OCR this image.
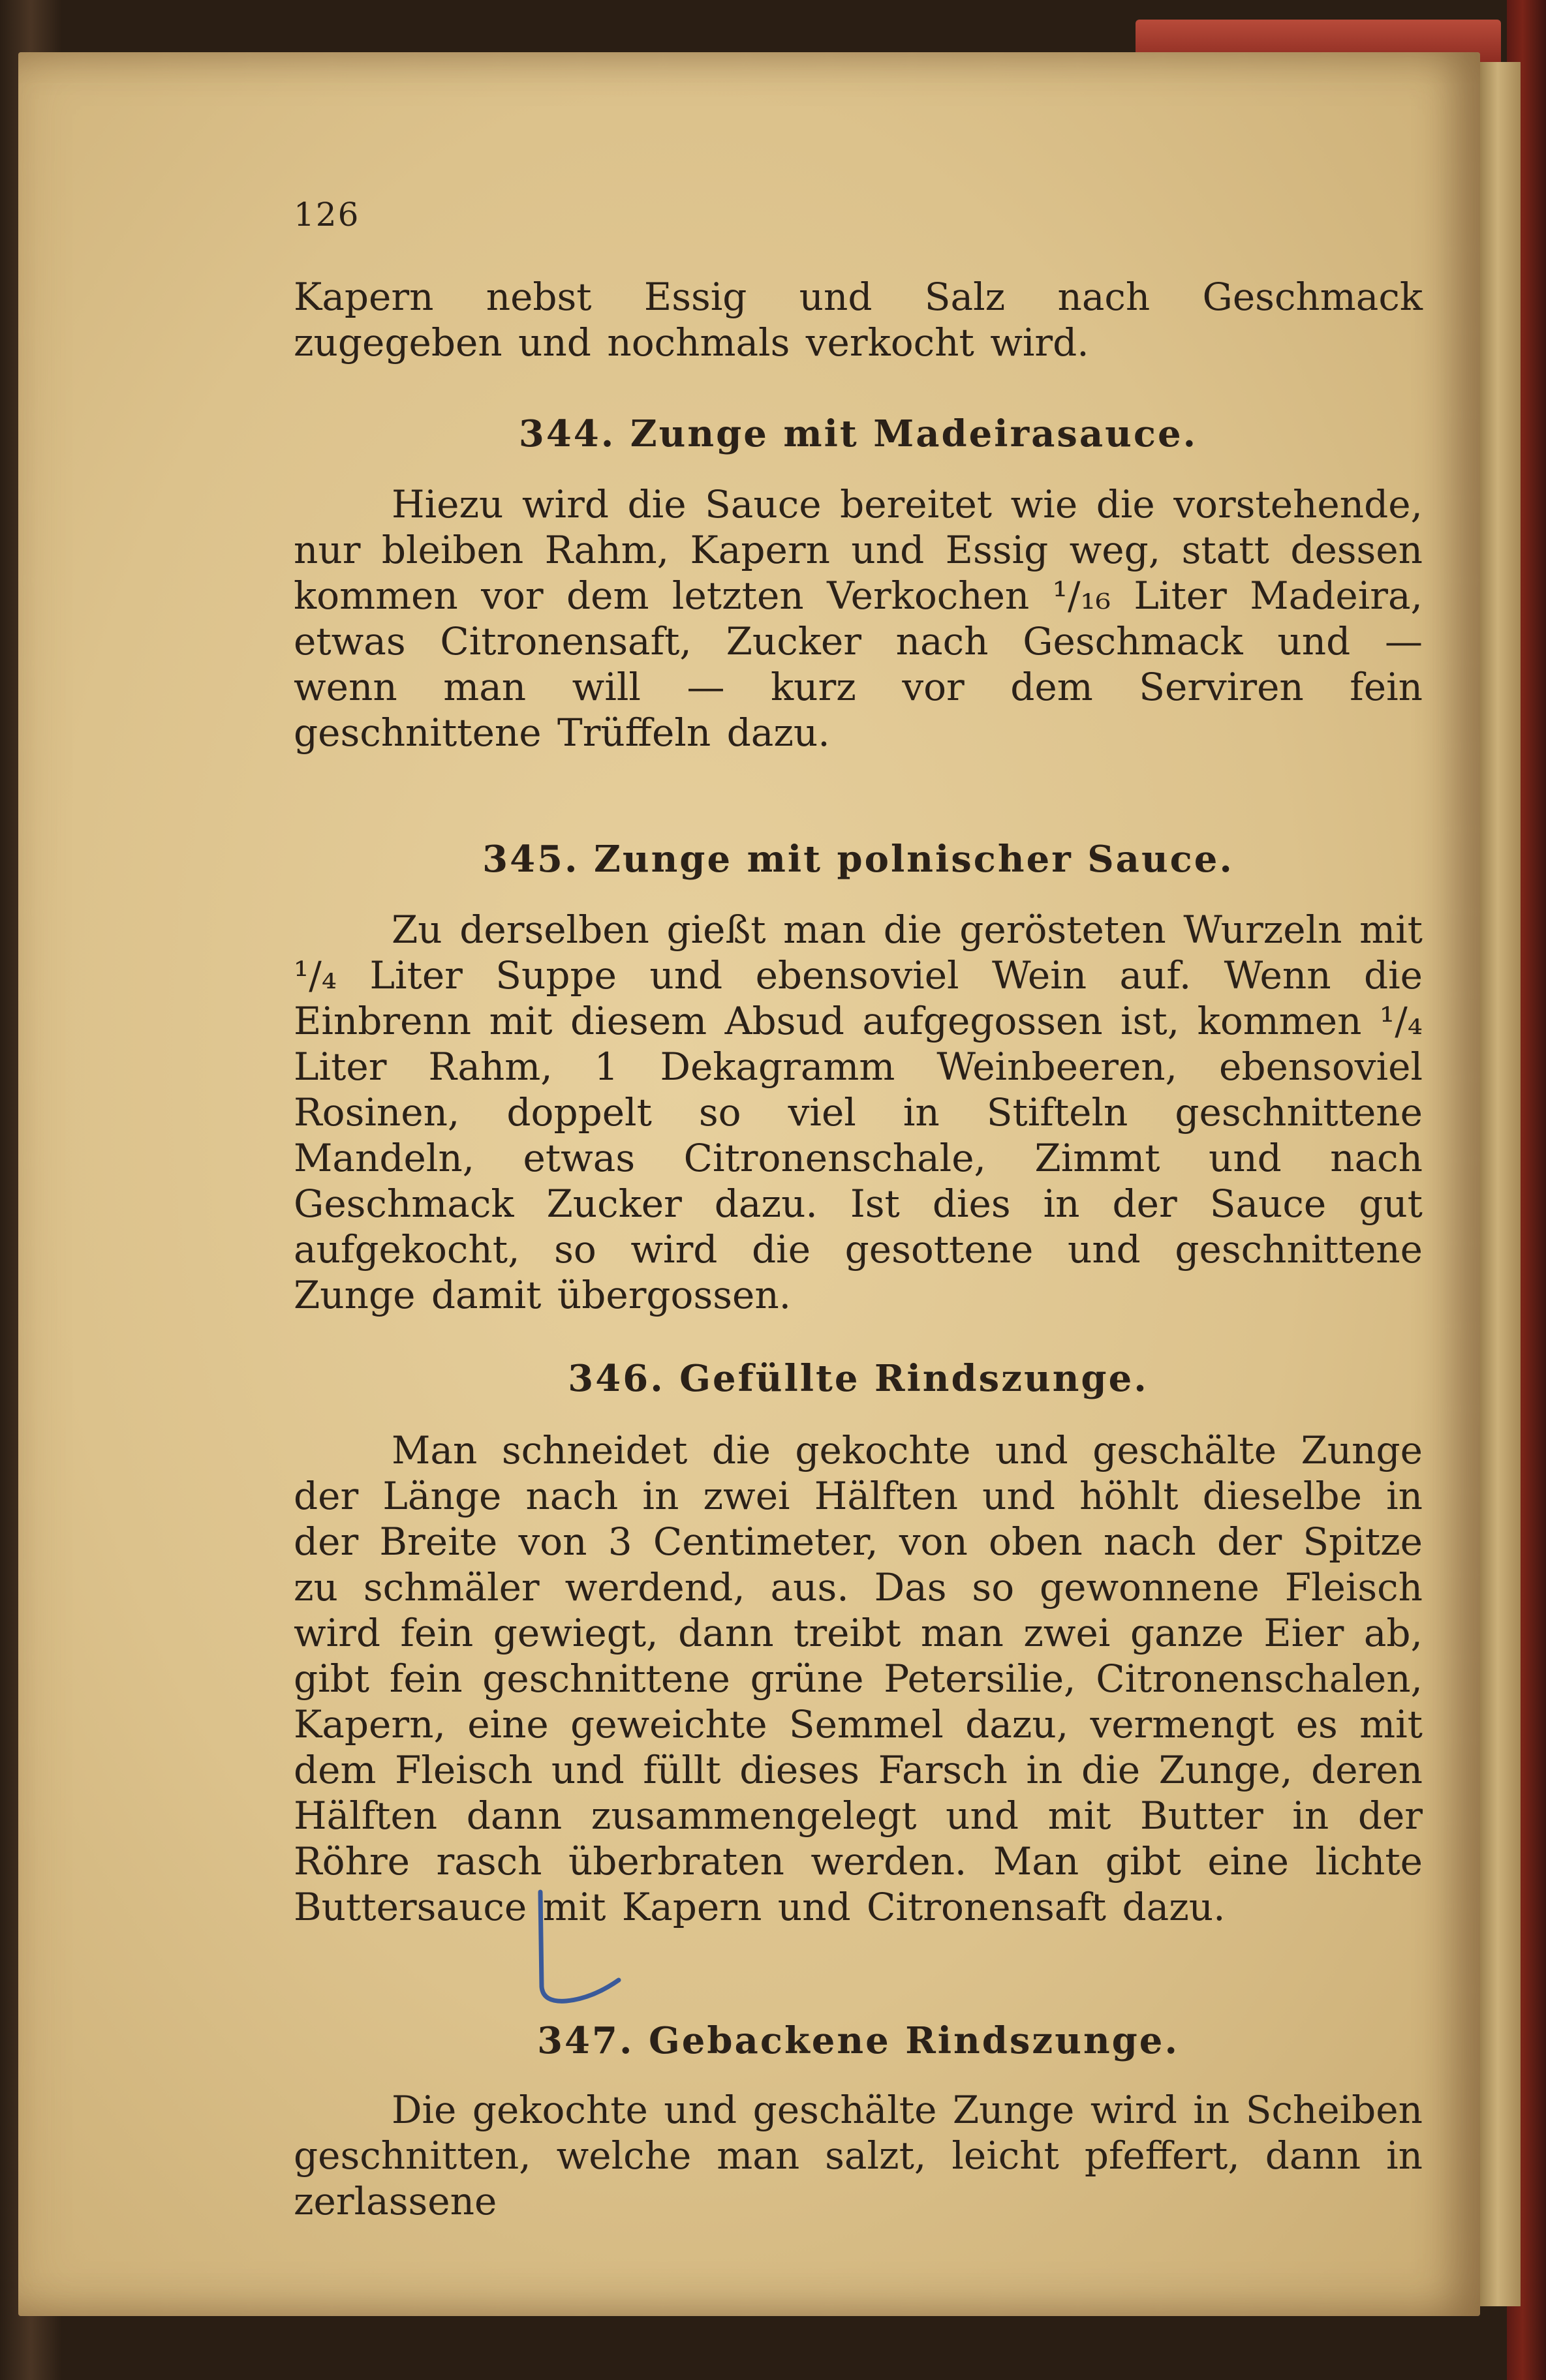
126

Kapern nebst Essig und Salz nach Geschmack zugegeben und nochmals verkocht wird.

344. Zunge mit Madeirasauce.

Hiezu wird die Sauce bereitet wie die vorstehende, nur bleiben Rahm, Kapern und Essig weg, statt dessen kommen vor dem letzten Verkochen ¹/₁₆ Liter Madeira, etwas Citronensaft, Zucker nach Geschmack und — wenn man will — kurz vor dem Serviren fein geschnittene Trüffeln dazu.

345. Zunge mit polnischer Sauce.

Zu derselben gießt man die gerösteten Wurzeln mit ¹/₄ Liter Suppe und ebensoviel Wein auf. Wenn die Einbrenn mit diesem Absud aufgegossen ist, kommen ¹/₄ Liter Rahm, 1 Dekagramm Weinbeeren, ebensoviel Rosinen, doppelt so viel in Stifteln geschnittene Mandeln, etwas Citronenschale, Zimmt und nach Geschmack Zucker dazu. Ist dies in der Sauce gut aufgekocht, so wird die gesottene und geschnittene Zunge damit übergossen.

346. Gefüllte Rindszunge.

Man schneidet die gekochte und geschälte Zunge der Länge nach in zwei Hälften und höhlt dieselbe in der Breite von 3 Centimeter, von oben nach der Spitze zu schmäler werdend, aus. Das so gewonnene Fleisch wird fein gewiegt, dann treibt man zwei ganze Eier ab, gibt fein geschnittene grüne Petersilie, Citronenschalen, Kapern, eine geweichte Semmel dazu, vermengt es mit dem Fleisch und füllt dieses Farsch in die Zunge, deren Hälften dann zusammengelegt und mit Butter in der Röhre rasch überbraten werden. Man gibt eine lichte Buttersauce mit Kapern und Citronensaft dazu.

347. Gebackene Rindszunge.

Die gekochte und geschälte Zunge wird in Scheiben geschnitten, welche man salzt, leicht pfeffert, dann in zerlassene
